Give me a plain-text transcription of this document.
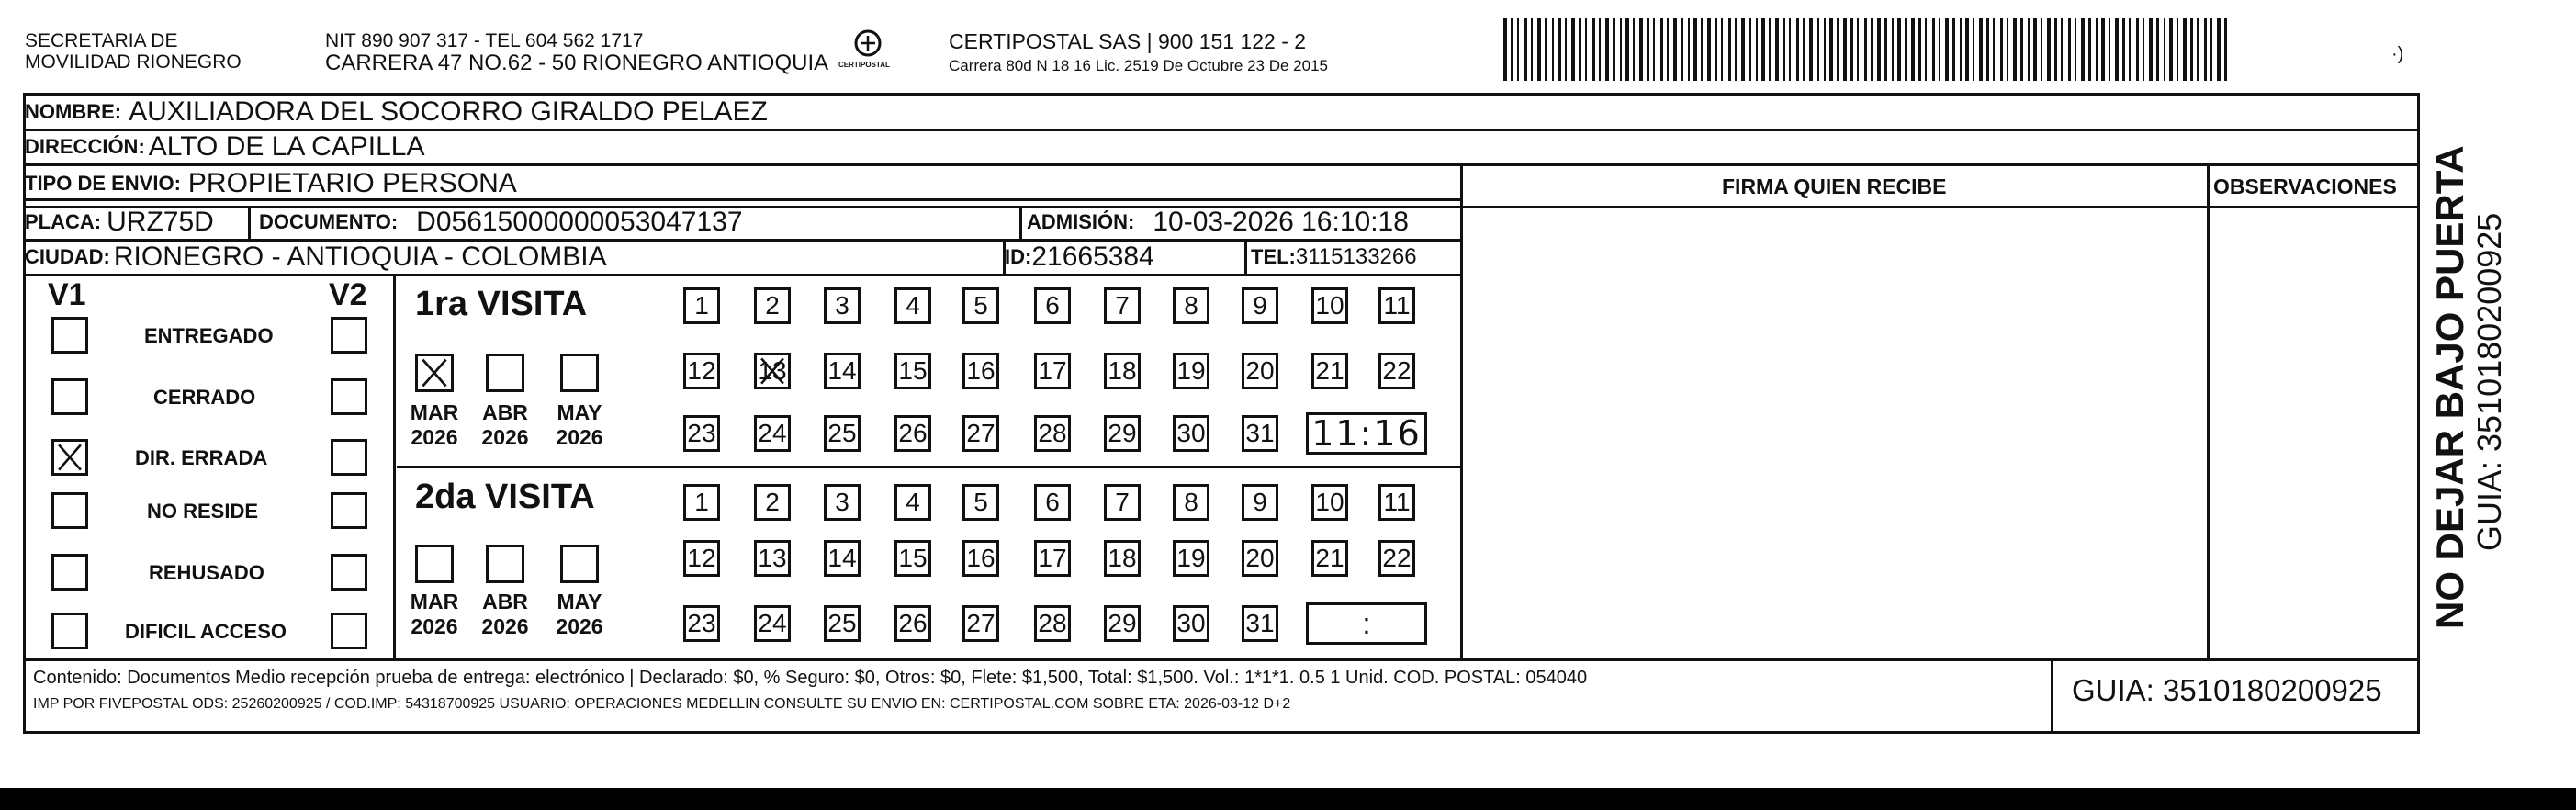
SECRETARIA DE
MOVILIDAD RIONEGRO
NIT 890 907 317 - TEL 604 562 1717
CARRERA 47 NO.62 - 50 RIONEGRO ANTIOQUIA CERTIPOSTAL
CERTIPOSTAL SAS | 900 151 122 - 2
Carrera 80d N 18 16 Lic. 2519 De Octubre 23 De 2015
·)
NOMBRE: AUXILIADORA DEL SOCORRO GIRALDO PELAEZ
DIRECCIÓN: ALTO DE LA CAPILLA
TIPO DE ENVIO: PROPIETARIO PERSONA	FIRMA QUIEN RECIBE	OBSERVACIONES
PLACA: URZ75D DOCUMENTO: D05615000000053047137	ADMISIÓN: 10-03-2026 16:10:18
CIUDAD: RIONEGRO - ANTIOQUIA - COLOMBIA	ID: 21665384	TEL: 3115133266
V1	V2
ENTREGADO
CERRADO
DIR. ERRADA
NO RESIDE
REHUSADO
DIFICIL ACCESO
1ra VISITA
MAR
2026
ABR
2026
MAY
2026
1 2 3 4 5 6 7 8 9 10 11
12 13 14 15 16 17 18 19 20 21 22
23 24 25 26 27 28 29 30 31 11:16
2da VISITA
MAR
2026
ABR
2026
MAY
2026
1 2 3 4 5 6 7 8 9 10 11
12 13 14 15 16 17 18 19 20 21 22
23 24 25 26 27 28 29 30 31	:
Contenido: Documentos Medio recepción prueba de entrega: electrónico | Declarado: $0, % Seguro: $0, Otros: $0, Flete: $1,500, Total: $1,500. Vol.: 1*1*1. 0.5 1 Unid. COD. POSTAL: 054040
IMP POR FIVEPOSTAL ODS: 25260200925 / COD.IMP: 54318700925 USUARIO: OPERACIONES MEDELLIN CONSULTE SU ENVIO EN: CERTIPOSTAL.COM SOBRE ETA: 2026-03-12 D+2	GUIA: 3510180200925
NO DEJAR BAJO PUERTA GUIA: 3510180200925
